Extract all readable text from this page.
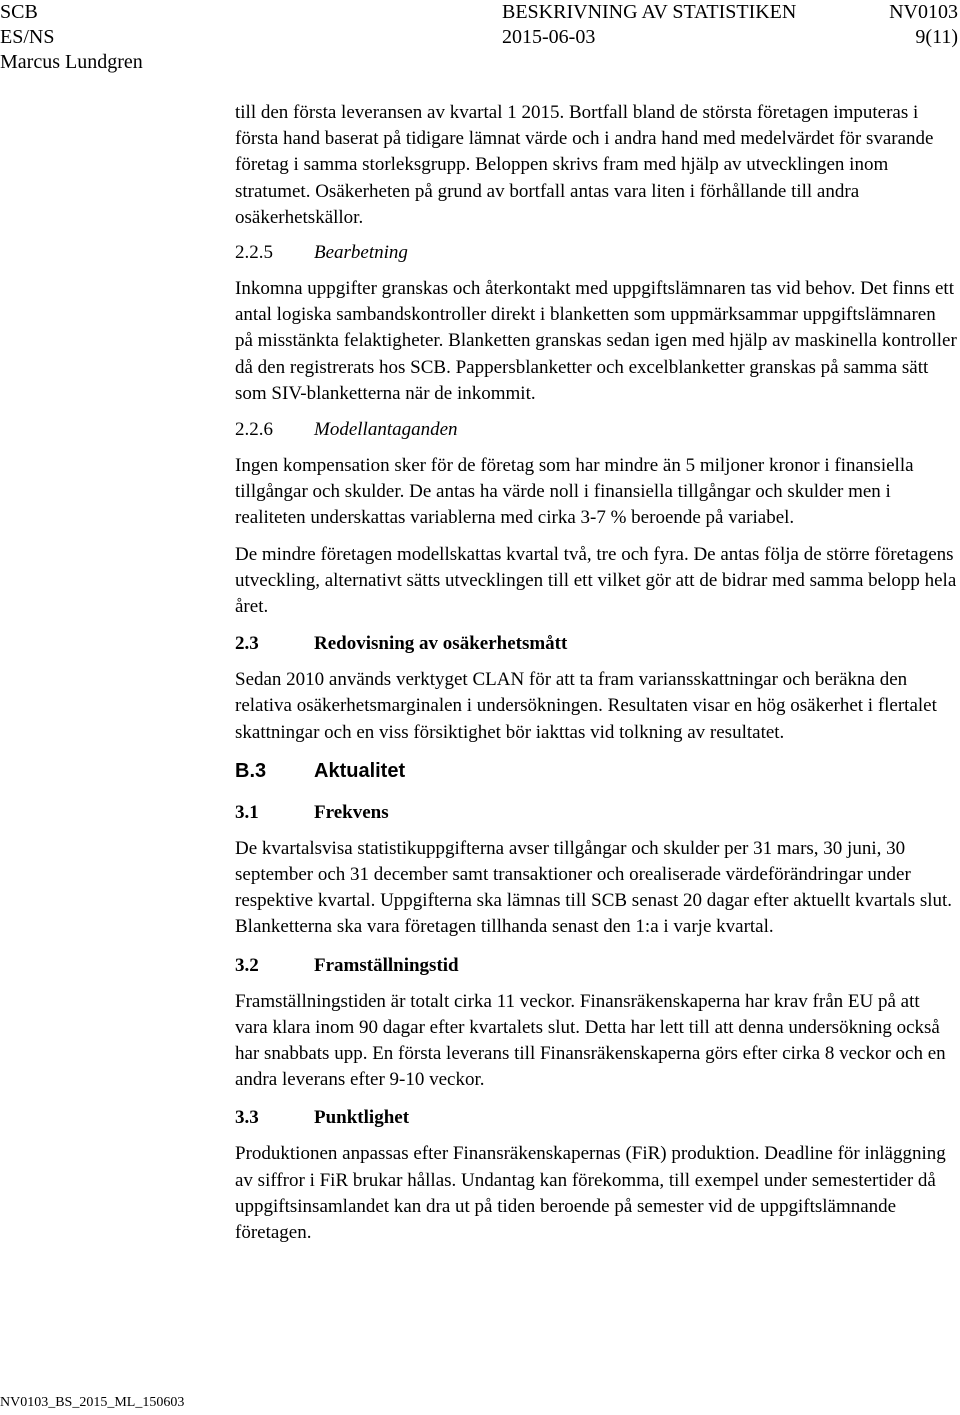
SCB
ES/NS
Marcus Lundgren
BESKRIVNING AV STATISTIKEN
2015-06-03
NV0103
9(11)

till den första leveransen av kvartal 1 2015. Bortfall bland de största företagen imputeras i första hand baserat på tidigare lämnat värde och i andra hand med medelvärdet för svarande företag i samma storleksgrupp. Beloppen skrivs fram med hjälp av utvecklingen inom stratumet. Osäkerheten på grund av bortfall antas vara liten i förhållande till andra osäkerhetskällor.

2.2.5 Bearbetning

Inkomna uppgifter granskas och återkontakt med uppgiftslämnaren tas vid behov. Det finns ett antal logiska sambandskontroller direkt i blanketten som uppmärksammar uppgiftslämnaren på misstänkta felaktigheter. Blanketten granskas sedan igen med hjälp av maskinella kontroller då den registrerats hos SCB. Pappersblanketter och excelblanketter granskas på samma sätt som SIV-blanketterna när de inkommit.

2.2.6 Modellantaganden

Ingen kompensation sker för de företag som har mindre än 5 miljoner kronor i finansiella tillgångar och skulder. De antas ha värde noll i finansiella tillgångar och skulder men i realiteten underskattas variablerna med cirka 3-7 % beroende på variabel.

De mindre företagen modellskattas kvartal två, tre och fyra. De antas följa de större företagens utveckling, alternativt sätts utvecklingen till ett vilket gör att de bidrar med samma belopp hela året.

2.3	Redovisning av osäkerhetsmått

Sedan 2010 används verktyget CLAN för att ta fram variansskattningar och beräkna den relativa osäkerhetsmarginalen i undersökningen. Resultaten visar en hög osäkerhet i flertalet skattningar och en viss försiktighet bör iakttas vid tolkning av resultatet.

B.3 Aktualitet
3.1	Frekvens

De kvartalsvisa statistikuppgifterna avser tillgångar och skulder per 31 mars, 30 juni, 30 september och 31 december samt transaktioner och orealiserade värdeförändringar under respektive kvartal. Uppgifterna ska lämnas till SCB senast 20 dagar efter aktuellt kvartals slut. Blanketterna ska vara företagen tillhanda senast den 1:a i varje kvartal.

3.2	Framställningstid

Framställningstiden är totalt cirka 11 veckor. Finansräkenskaperna har krav från EU på att vara klara inom 90 dagar efter kvartalets slut. Detta har lett till att denna undersökning också har snabbats upp. En första leverans till Finansräkenskaperna görs efter cirka 8 veckor och en andra leverans efter 9-10 veckor.

3.3	Punktlighet

Produktionen anpassas efter Finansräkenskapernas (FiR) produktion. Deadline för inläggning av siffror i FiR brukar hållas. Undantag kan förekomma, till exempel under semestertider då uppgiftsinsamlandet kan dra ut på tiden beroende på semester vid de uppgiftslämnande företagen.

NV0103_BS_2015_ML_150603
